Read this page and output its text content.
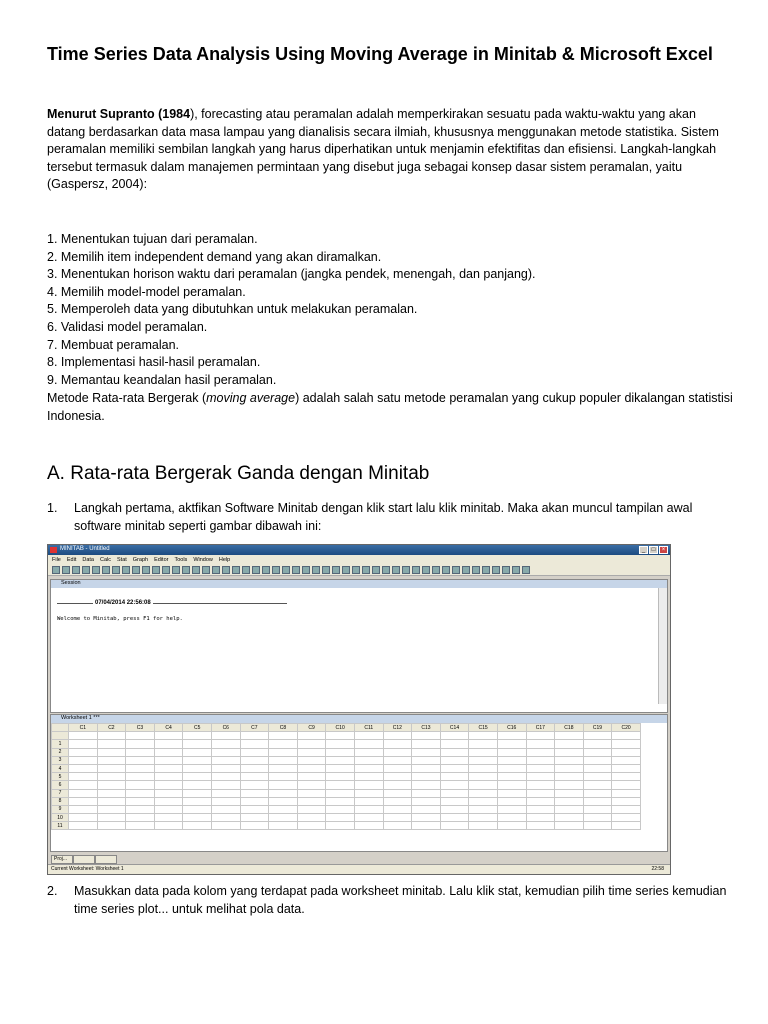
Time Series Data Analysis Using Moving Average in Minitab & Microsoft Excel
Menurut Supranto (1984), forecasting atau peramalan adalah memperkirakan sesuatu pada waktu-waktu yang akan datang berdasarkan data masa lampau yang dianalisis secara ilmiah, khususnya menggunakan metode statistika. Sistem peramalan memiliki sembilan langkah yang harus diperhatikan untuk menjamin efektifitas dan efisiensi. Langkah-langkah tersebut termasuk dalam manajemen permintaan yang disebut juga sebagai konsep dasar sistem peramalan, yaitu (Gaspersz, 2004):
1. Menentukan tujuan dari peramalan.
2. Memilih item independent demand yang akan diramalkan.
3. Menentukan horison waktu dari peramalan (jangka pendek, menengah, dan panjang).
4. Memilih model-model peramalan.
5. Memperoleh data yang dibutuhkan untuk melakukan peramalan.
6. Validasi model peramalan.
7. Membuat peramalan.
8. Implementasi hasil-hasil peramalan.
9. Memantau keandalan hasil peramalan.
Metode Rata-rata Bergerak (moving average) adalah salah satu metode peramalan yang cukup populer dikalangan statistisi Indonesia.
A. Rata-rata Bergerak Ganda dengan Minitab
1. Langkah pertama, aktfikan Software Minitab dengan klik start lalu klik minitab. Maka akan muncul tampilan awal software minitab seperti gambar dibawah ini:
MINITAB - Untitled	_	□	×
File Edit Data Calc Stat Graph Editor Tools Window Help
Session
07/04/2014 22:56:08
Welcome to Minitab, press F1 for help.
Worksheet 1 ***
	C1	C2	C3	C4	C5	C6	C7	C8	C9	C10	C11	C12	C13	C14	C15	C16	C17	C18	C19	C20

1																				
2																				
3																				
4																				
5																				
6																				
7																				
8																				
9																				
10																				
11																				
Proj...
Current Worksheet: Worksheet 1	22:58
2. Masukkan data pada kolom yang terdapat pada worksheet minitab. Lalu klik stat, kemudian pilih time series kemudian time series plot... untuk melihat pola data.
